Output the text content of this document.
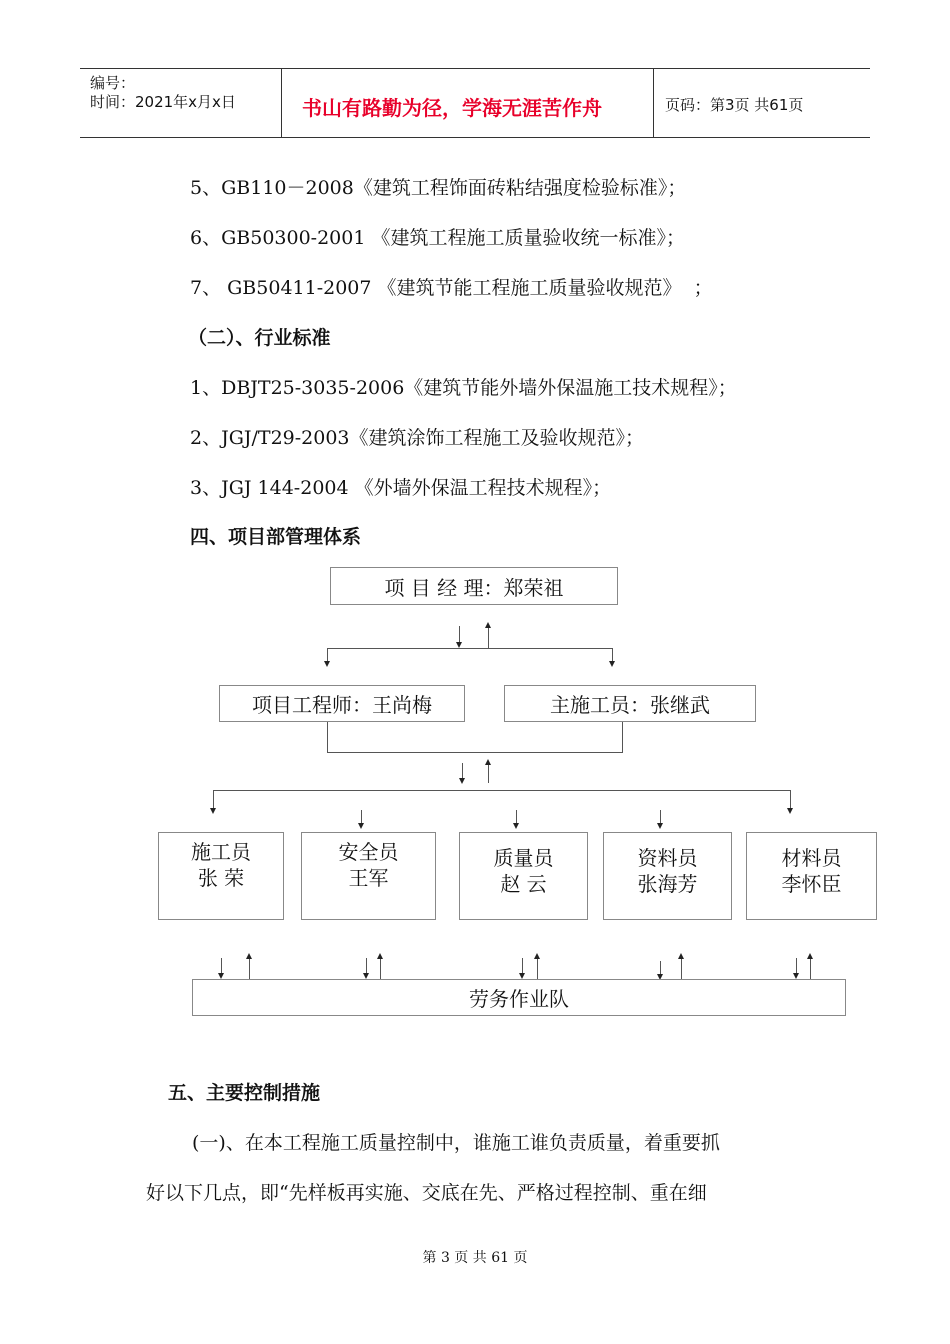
编号：
时间：2021年x月x日	书山有路勤为径，学海无涯苦作舟	页码：第3页 共61页
5、GB110－2008《建筑工程饰面砖粘结强度检验标准》；
6、GB50300-2001 《建筑工程施工质量验收统一标准》；
7、 GB50411-2007 《建筑节能工程施工质量验收规范》  ；
（二）、行业标准
1、DBJT25-3035-2006《建筑节能外墙外保温施工技术规程》；
2、JGJ/T29-2003《建筑涂饰工程施工及验收规范》；
3、JGJ 144-2004 《外墙外保温工程技术规程》；
四、项目部管理体系
项 目 经 理：郑荣祖
项目工程师：王尚梅	主施工员：张继武
施工员
张 荣
安全员
王军
质量员
赵 云
资料员
张海芳
材料员
李怀臣
劳务作业队
五、主要控制措施
(一)、在本工程施工质量控制中，谁施工谁负责质量，着重要抓
好以下几点，即“先样板再实施、交底在先、严格过程控制、重在细
第 3 页 共 61 页
